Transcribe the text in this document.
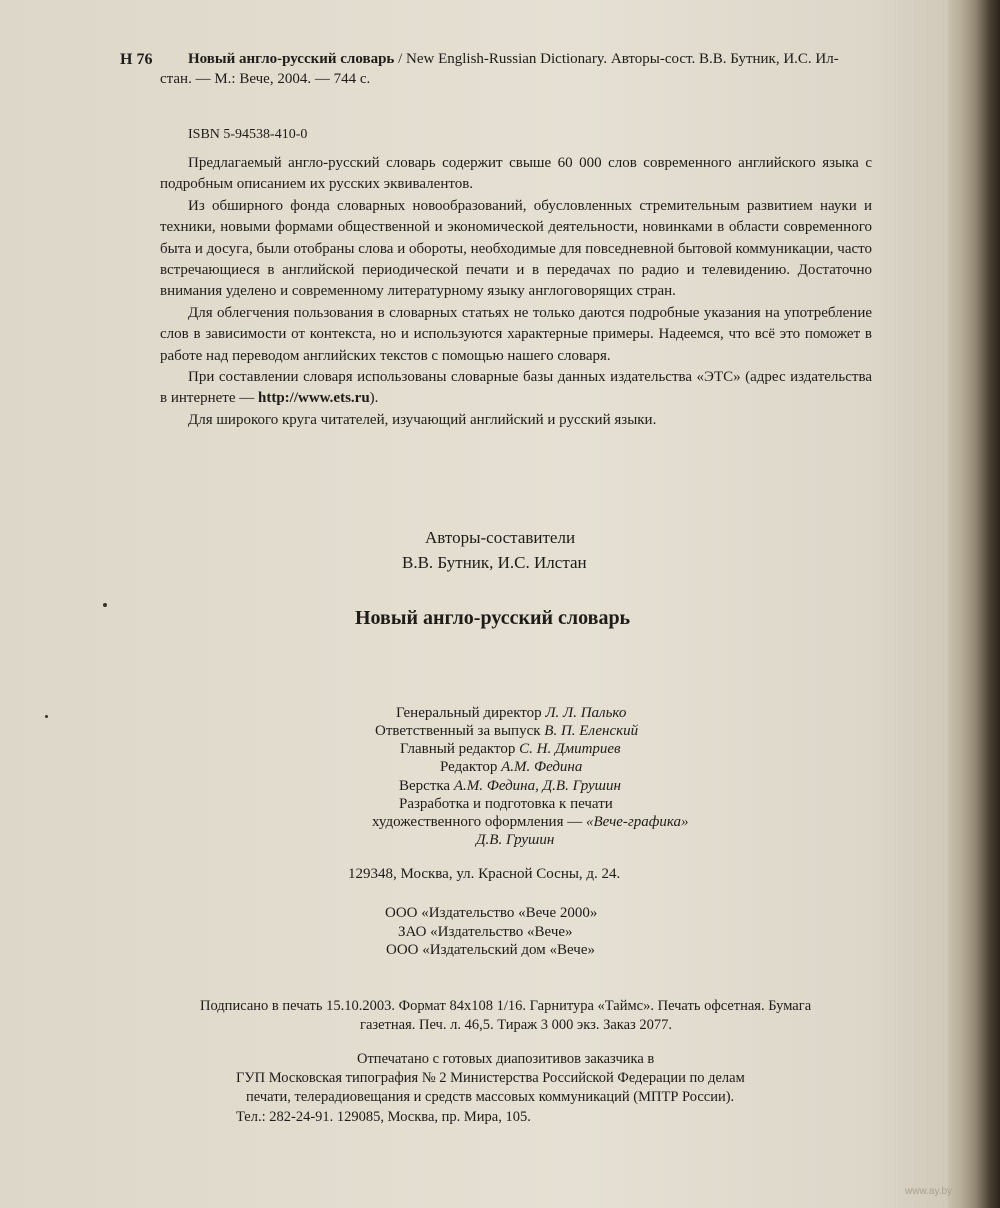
Н 76 Новый англо-русский словарь / New English-Russian Dictionary. Авторы-сост. В.В. Бутник, И.С. Ил-
стан. — М.: Вече, 2004. — 744 с.
ISBN 5-94538-410-0

Предлагаемый англо-русский словарь содержит свыше 60 000 слов современного английского языка с подробным описанием их русских эквивалентов.

Из обширного фонда словарных новообразований, обусловленных стремительным развитием науки и техники, новыми формами общественной и экономической деятельности, новинками в области современного быта и досуга, были отобраны слова и обороты, необходимые для повседневной бытовой коммуникации, часто встречающиеся в английской периодической печати и в передачах по радио и телевидению. Достаточно внимания уделено и современному литературному языку англоговорящих стран.

Для облегчения пользования в словарных статьях не только даются подробные указания на употребление слов в зависимости от контекста, но и используются характерные примеры. Надеемся, что всё это поможет в работе над переводом английских текстов с помощью нашего словаря.

При составлении словаря использованы словарные базы данных издательства «ЭТС» (адрес издательства в интернете — http://www.ets.ru).

Для широкого круга читателей, изучающий английский и русский языки.

Авторы-составители
В.В. Бутник, И.С. Илстан
Новый англо-русский словарь
Генеральный директор Л. Л. Палько
Ответственный за выпуск В. П. Еленский
Главный редактор С. Н. Дмитриев
Редактор А.М. Федина
Верстка А.М. Федина, Д.В. Грушин
Разработка и подготовка к печати
художественного оформления — «Вече-графика»
Д.В. Грушин
129348, Москва, ул. Красной Сосны, д. 24.
ООО «Издательство «Вече 2000»
ЗАО «Издательство «Вече»
ООО «Издательский дом «Вече»
Подписано в печать 15.10.2003. Формат 84х108 1/16. Гарнитура «Таймс». Печать офсетная. Бумага
газетная. Печ. л. 46,5. Тираж 3 000 экз. Заказ 2077.
Отпечатано с готовых диапозитивов заказчика в
ГУП Московская типография № 2 Министерства Российской Федерации по делам
печати, телерадиовещания и средств массовых коммуникаций (МПТР России).
Тел.: 282-24-91. 129085, Москва, пр. Мира, 105.
www.ay.by
